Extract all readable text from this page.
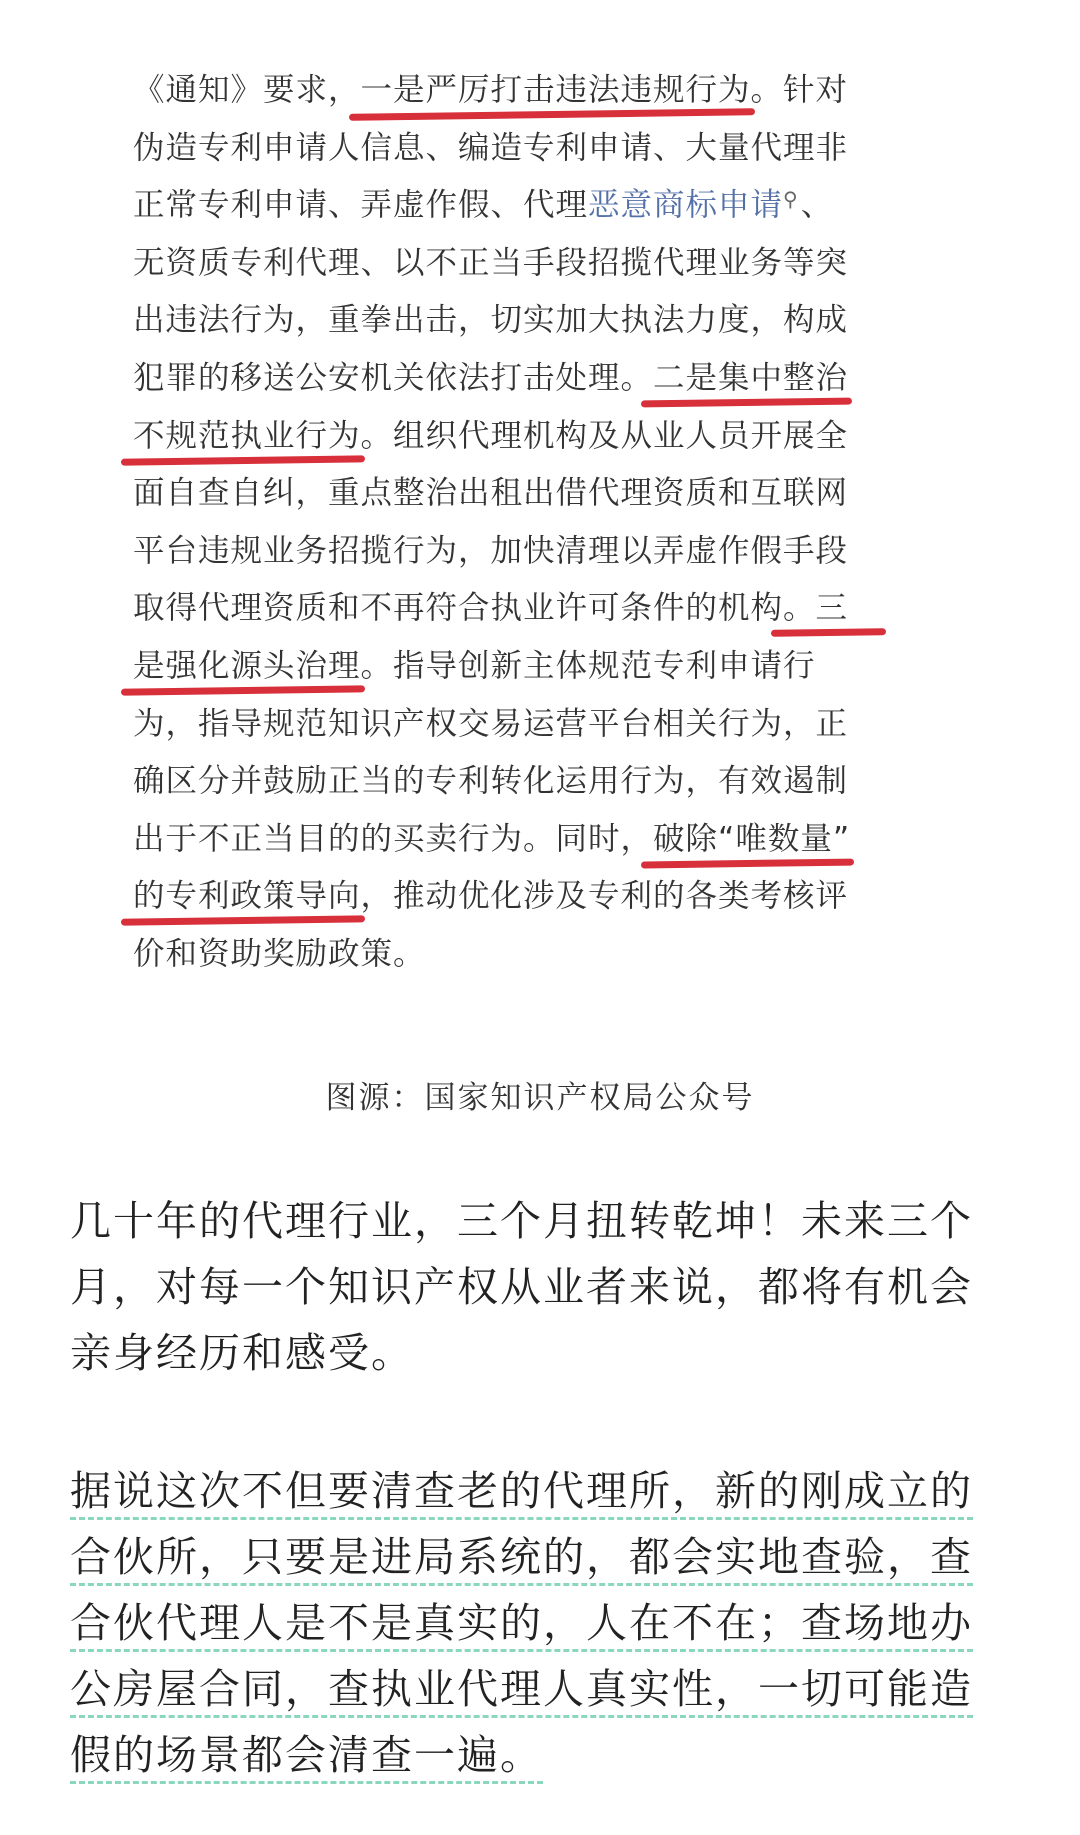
《通知》要求，一是严厉打击违法违规行为。针对
伪造专利申请人信息、编造专利申请、大量代理非
正常专利申请、弄虚作假、代理恶意商标申请⚲、
无资质专利代理、以不正当手段招揽代理业务等突
出违法行为，重拳出击，切实加大执法力度，构成
犯罪的移送公安机关依法打击处理。二是集中整治
不规范执业行为。组织代理机构及从业人员开展全
面自查自纠，重点整治出租出借代理资质和互联网
平台违规业务招揽行为，加快清理以弄虚作假手段
取得代理资质和不再符合执业许可条件的机构。三
是强化源头治理。指导创新主体规范专利申请行
为，指导规范知识产权交易运营平台相关行为，正
确区分并鼓励正当的专利转化运用行为，有效遏制
出于不正当目的的买卖行为。同时，破除“唯数量”
的专利政策导向，推动优化涉及专利的各类考核评
价和资助奖励政策。
图源：国家知识产权局公众号
几十年的代理行业，三个月扭转乾坤！未来三个
月，对每一个知识产权从业者来说，都将有机会
亲身经历和感受。
据说这次不但要清查老的代理所，新的刚成立的
合伙所，只要是进局系统的，都会实地查验，查
合伙代理人是不是真实的，人在不在；查场地办
公房屋合同，查执业代理人真实性，一切可能造
假的场景都会清查一遍。
